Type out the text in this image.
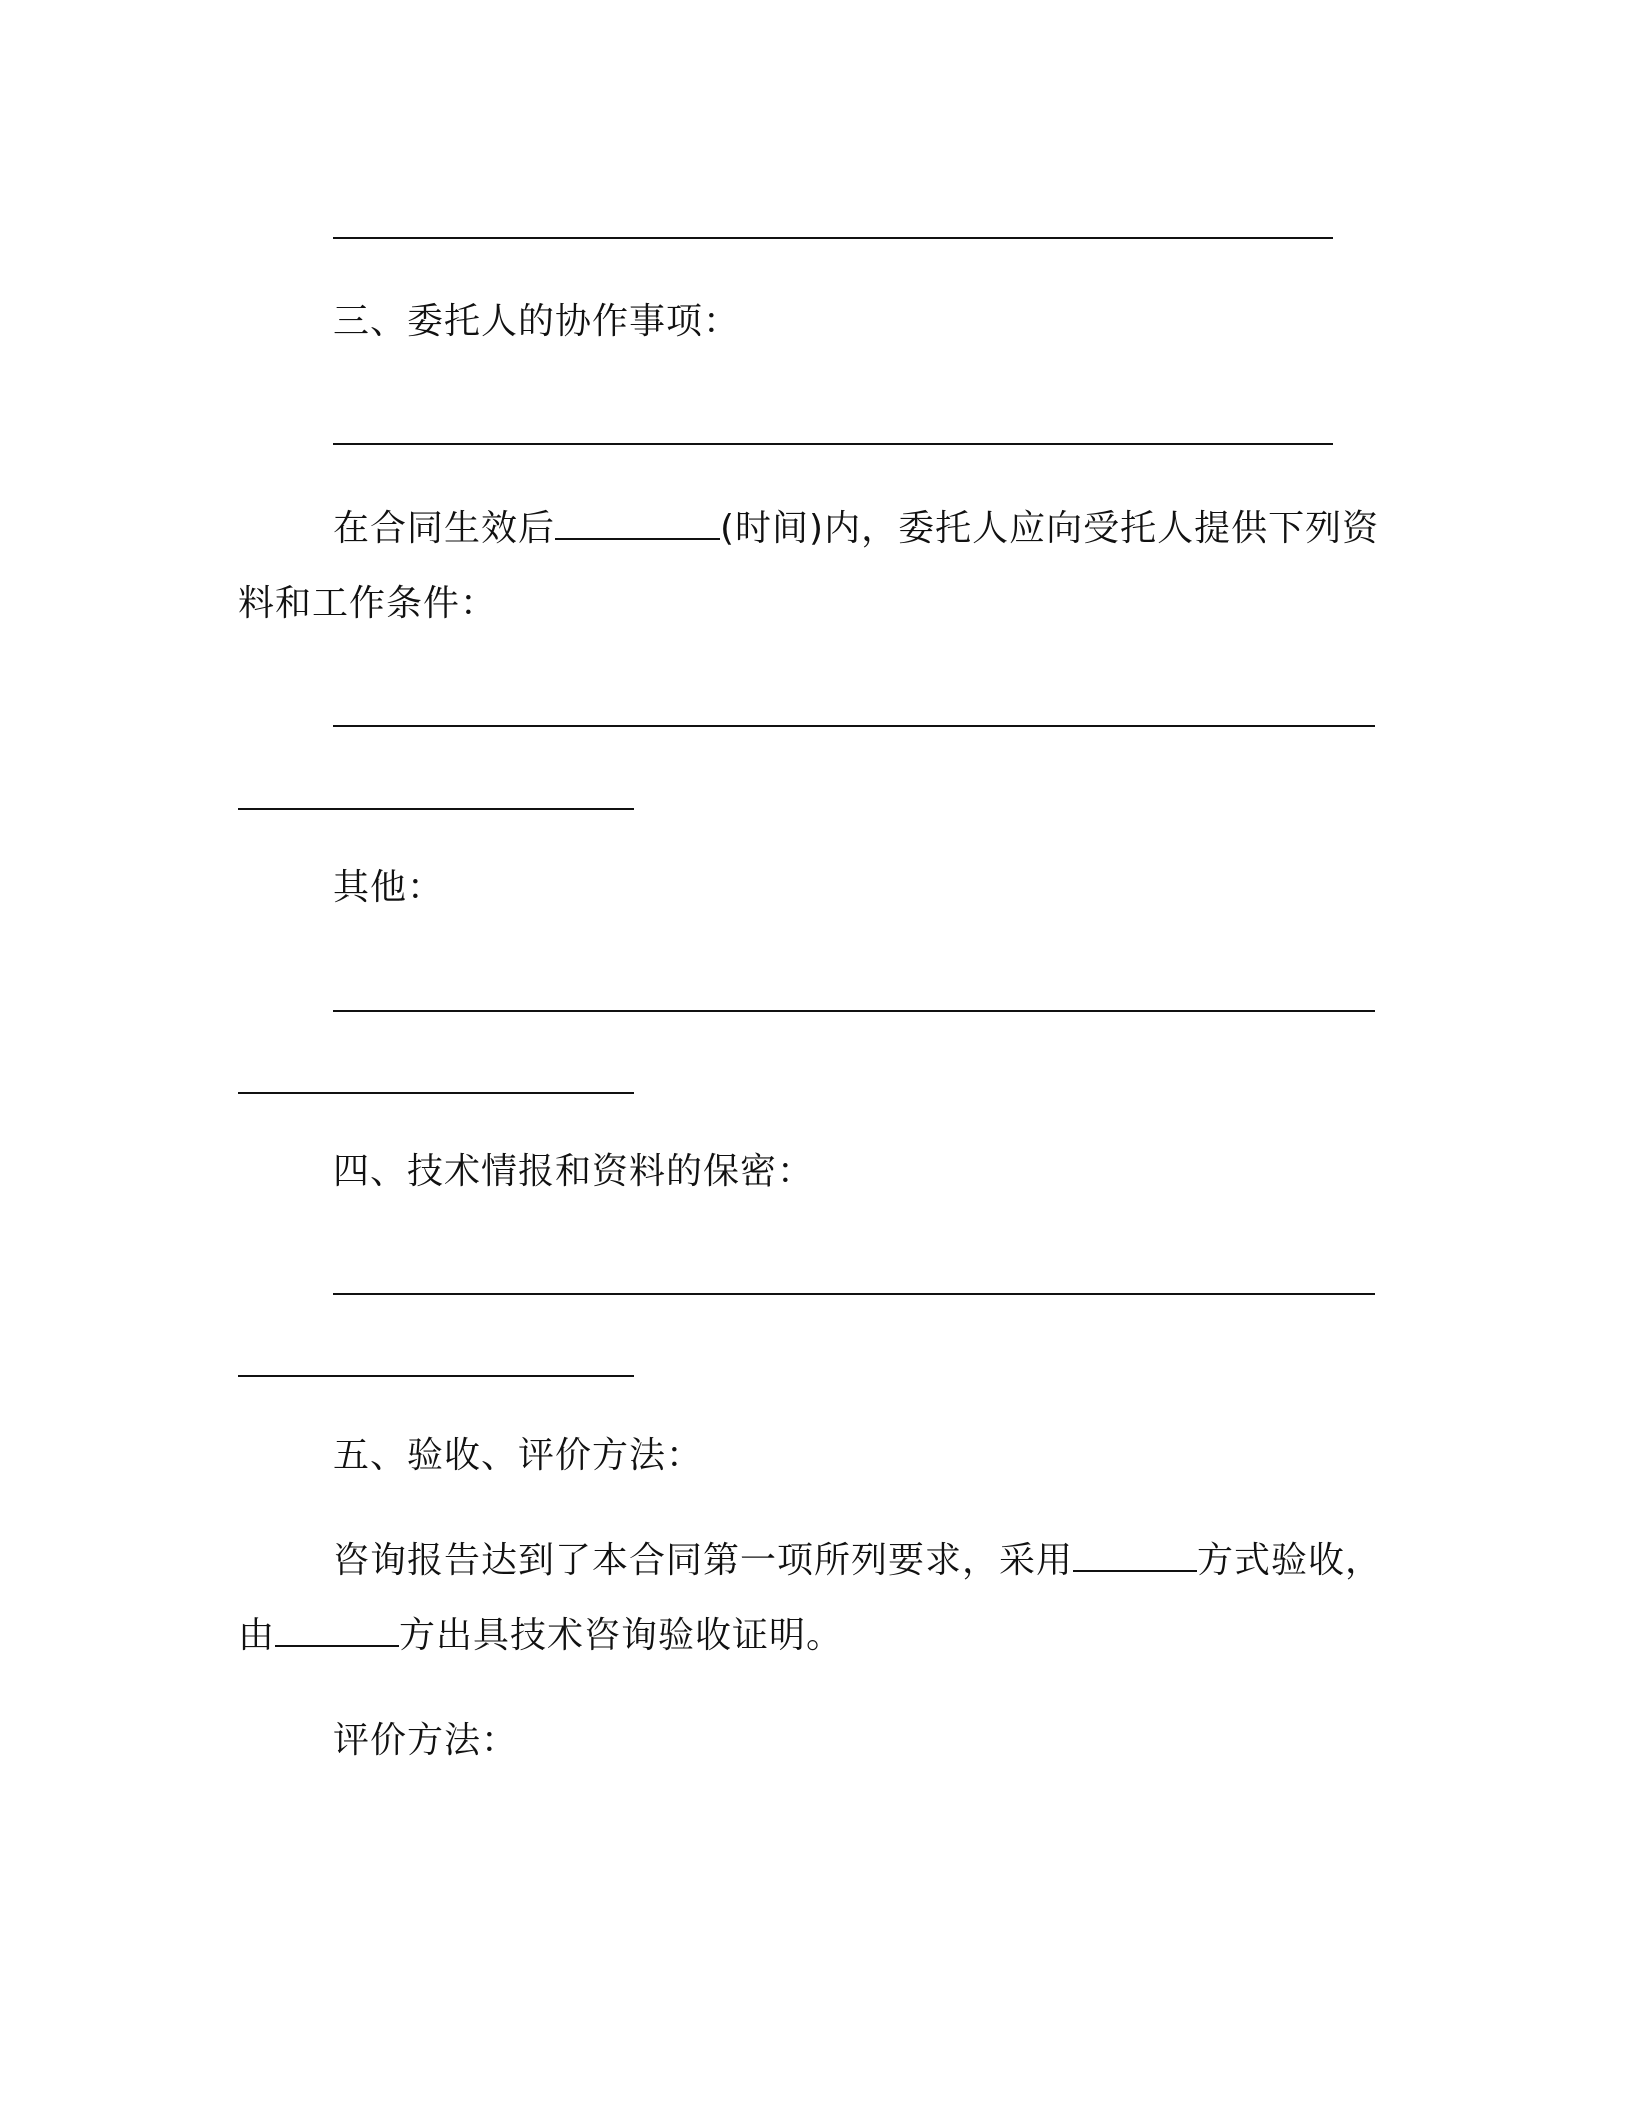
三、委托人的协作事项：
在合同生效后	(时间)内，委托人应向受托人提供下列资
料和工作条件：
其他：
四、技术情报和资料的保密：
五、验收、评价方法：
咨询报告达到了本合同第一项所列要求，采用	方式验收，
由	方出具技术咨询验收证明。
评价方法：
